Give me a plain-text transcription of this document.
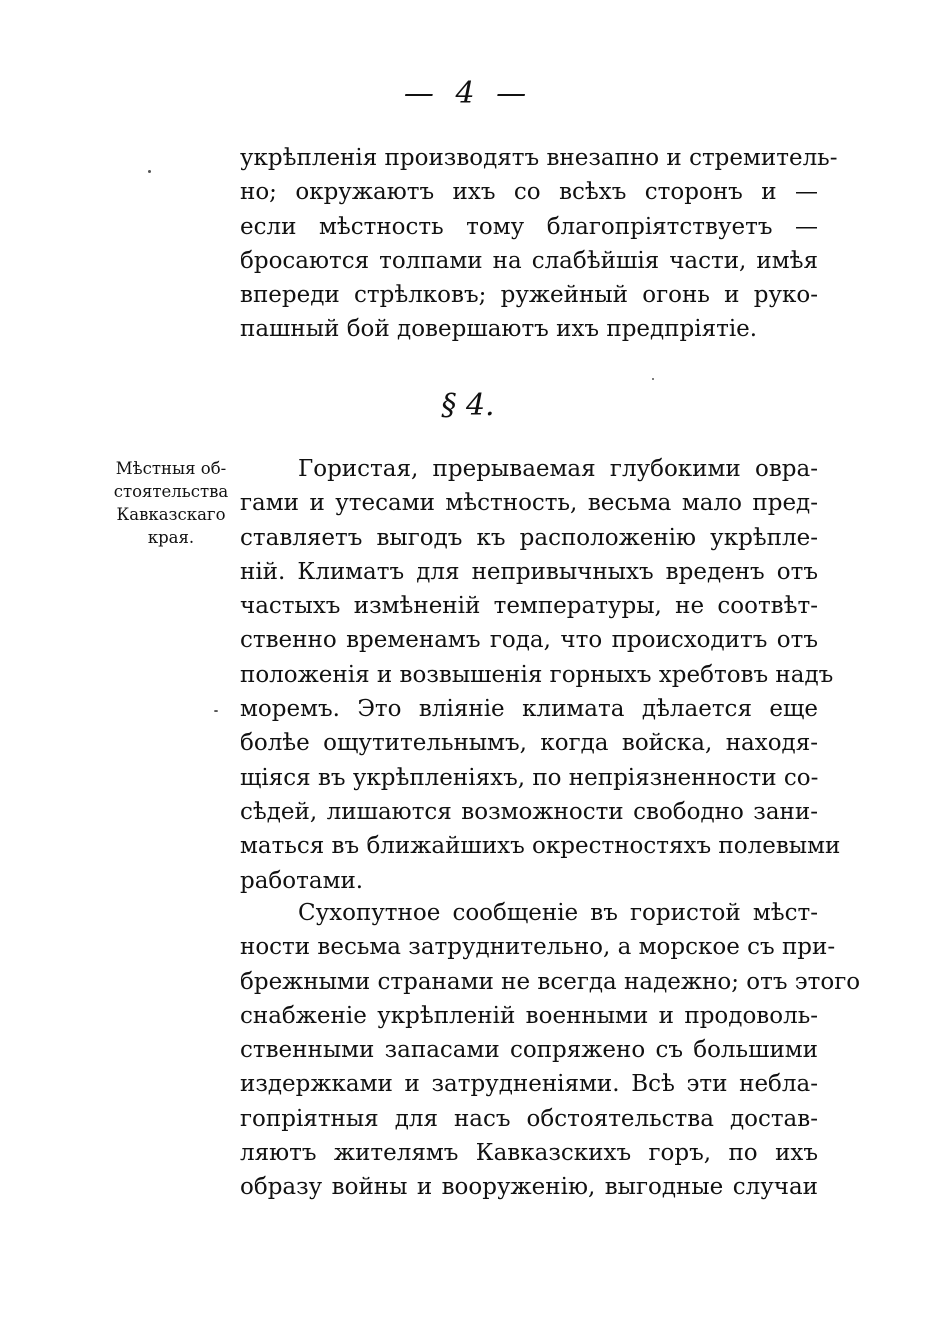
— 4 —
укрѣпленія производятъ внезапно и стремитель-
но; окружаютъ ихъ со всѣхъ сторонъ и —
если мѣстность тому благопріятствуетъ —
бросаются толпами на слабѣйшія части, имѣя
впереди стрѣлковъ; ружейный огонь и руко-
пашный бой довершаютъ ихъ предпріятіе.
§ 4.
Мѣстныя об-
стоятельства
Кавказскаго
края.
Гористая, прерываемая глубокими овра-
гами и утесами мѣстность, весьма мало пред-
ставляетъ выгодъ къ расположенію укрѣпле-
ній. Климатъ для непривычныхъ вреденъ отъ
частыхъ измѣненій температуры, не соотвѣт-
ственно временамъ года, что происходитъ отъ
положенія и возвышенія горныхъ хребтовъ надъ
моремъ. Это вліяніе климата дѣлается еще
болѣе ощутительнымъ, когда войска, находя-
щіяся въ укрѣпленіяхъ, по непріязненности со-
сѣдей, лишаются возможности свободно зани-
маться въ ближайшихъ окрестностяхъ полевыми
работами.
Сухопутное сообщеніе въ гористой мѣст-
ности весьма затруднительно, а морское съ при-
брежными странами не всегда надежно; отъ этого
снабженіе укрѣпленій военными и продоволь-
ственными запасами сопряжено съ большими
издержками и затрудненіями. Всѣ эти небла-
гопріятныя для насъ обстоятельства достав-
ляютъ жителямъ Кавказскихъ горъ, по ихъ
образу войны и вооруженію, выгодные случаи
